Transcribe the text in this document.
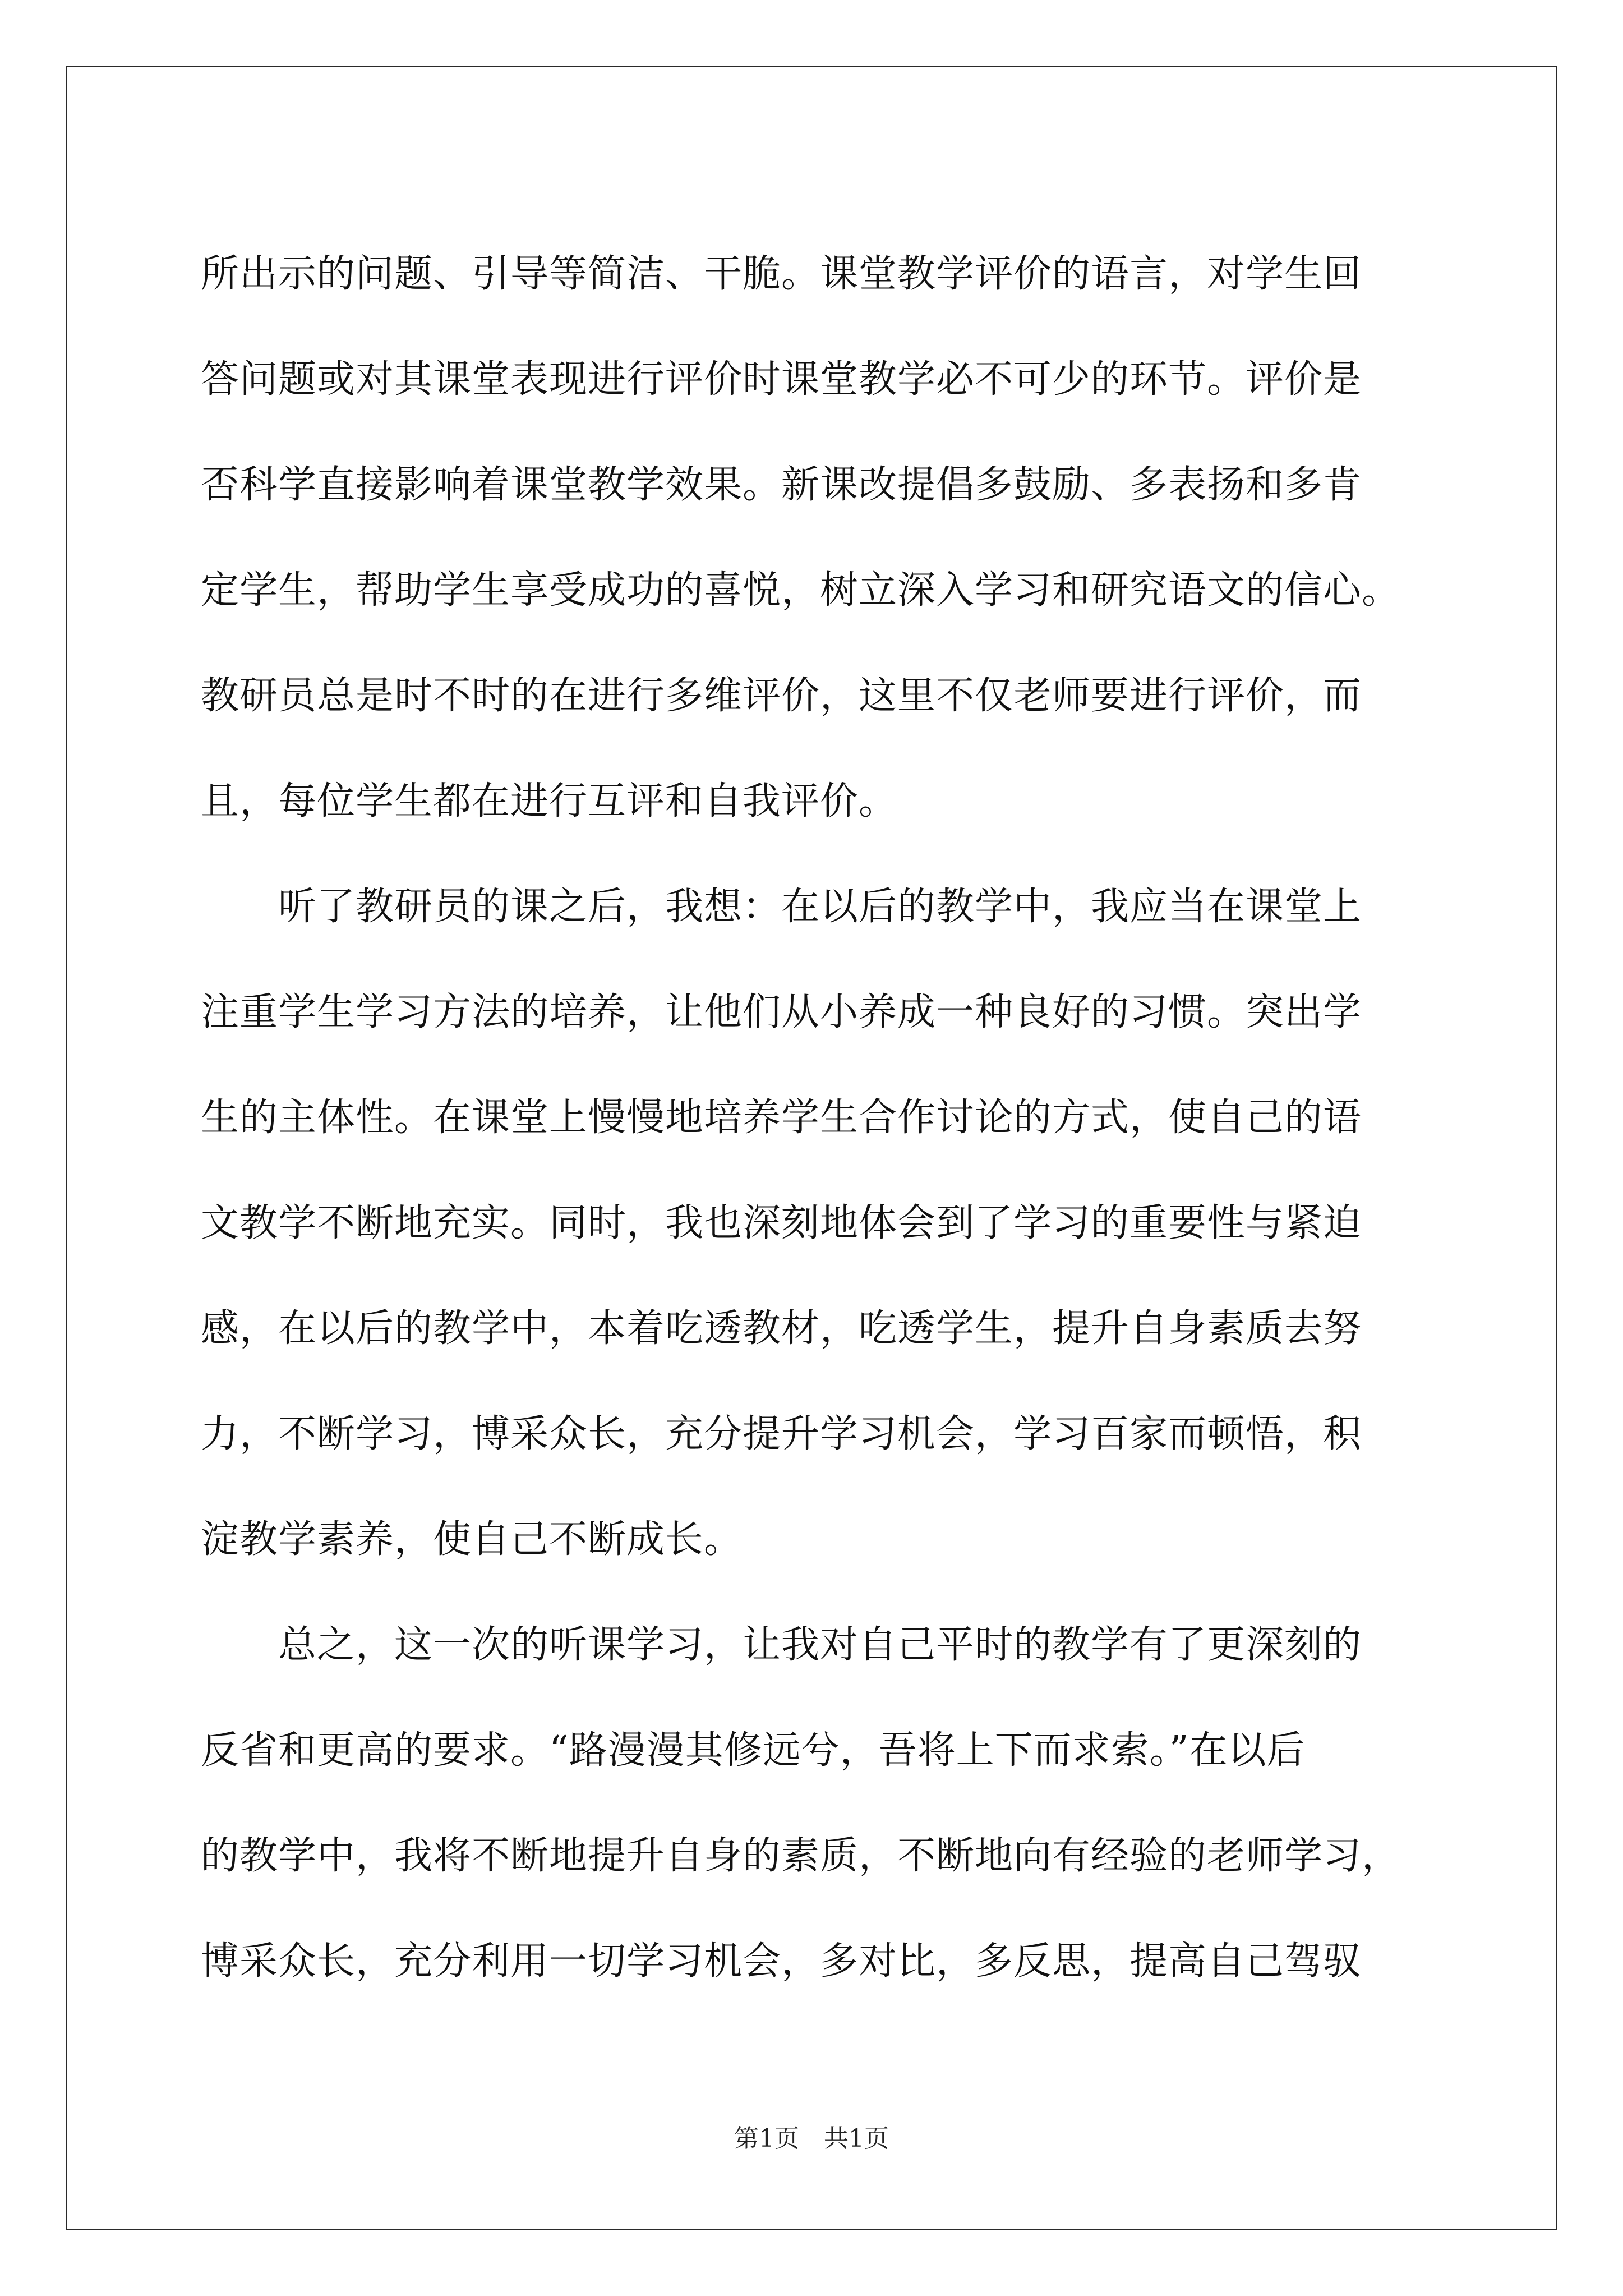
所出示的问题、引导等简洁、干脆。课堂教学评价的语言，对学生回
答问题或对其课堂表现进行评价时课堂教学必不可少的环节。评价是
否科学直接影响着课堂教学效果。新课改提倡多鼓励、多表扬和多肯
定学生，帮助学生享受成功的喜悦，树立深入学习和研究语文的信心。
教研员总是时不时的在进行多维评价，这里不仅老师要进行评价，而
且，每位学生都在进行互评和自我评价。
　　听了教研员的课之后，我想：在以后的教学中，我应当在课堂上
注重学生学习方法的培养，让他们从小养成一种良好的习惯。突出学
生的主体性。在课堂上慢慢地培养学生合作讨论的方式，使自己的语
文教学不断地充实。同时，我也深刻地体会到了学习的重要性与紧迫
感，在以后的教学中，本着吃透教材，吃透学生，提升自身素质去努
力，不断学习，博采众长，充分提升学习机会，学习百家而顿悟，积
淀教学素养，使自己不断成长。
　　总之，这一次的听课学习，让我对自己平时的教学有了更深刻的
反省和更高的要求。“路漫漫其修远兮，吾将上下而求索。”在以后
的教学中，我将不断地提升自身的素质，不断地向有经验的老师学习，
博采众长，充分利用一切学习机会，多对比，多反思，提高自己驾驭
第1页　共1页
